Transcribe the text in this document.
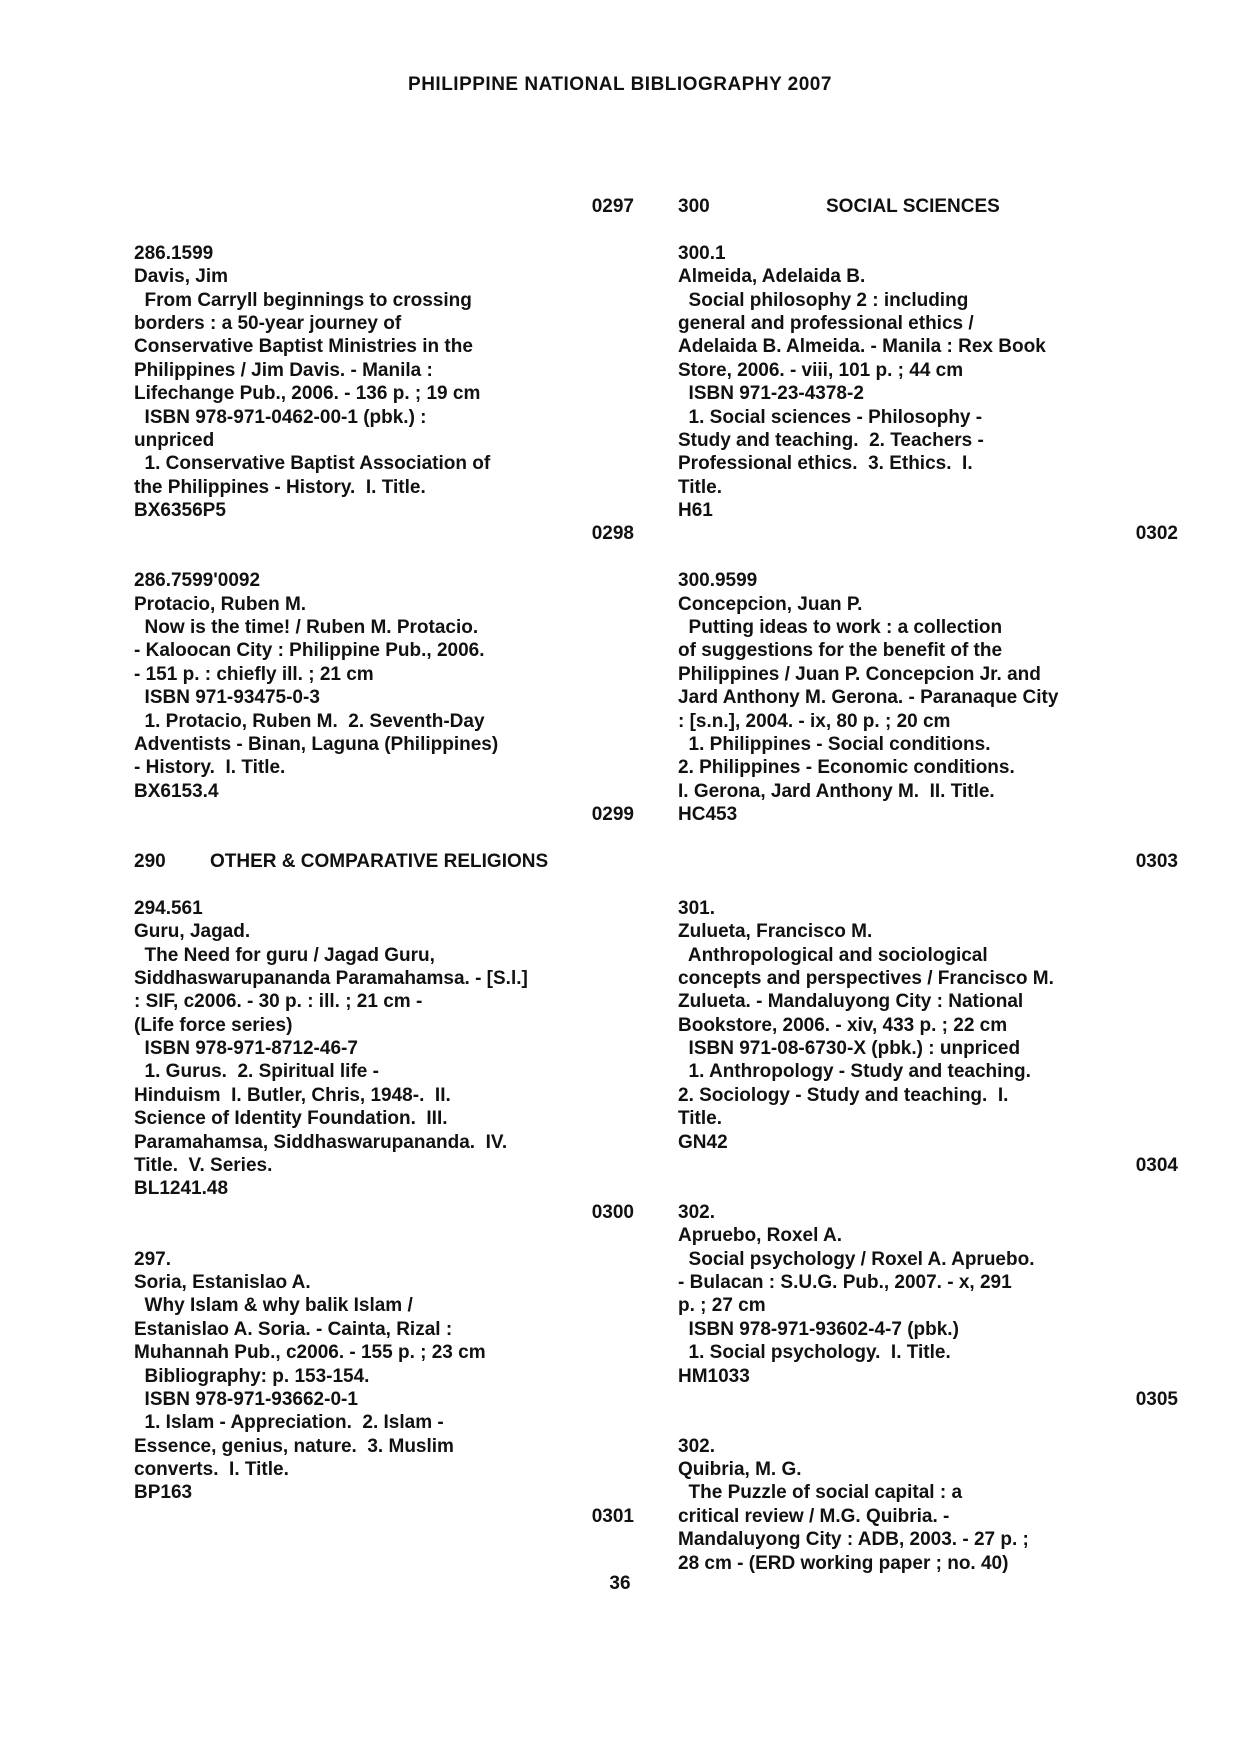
PHILIPPINE NATIONAL BIBLIOGRAPHY 2007
0297
286.1599
Davis, Jim
From Carryll beginnings to crossing
borders : a 50-year journey of
Conservative Baptist Ministries in the
Philippines / Jim Davis. - Manila :
Lifechange Pub., 2006. - 136 p. ; 19 cm
ISBN 978-971-0462-00-1 (pbk.) :
unpriced
1. Conservative Baptist Association of
the Philippines - History.  I. Title.
BX6356P5
0298
286.7599'0092
Protacio, Ruben M.
Now is the time! / Ruben M. Protacio.
- Kaloocan City : Philippine Pub., 2006.
- 151 p. : chiefly ill. ; 21 cm
ISBN 971-93475-0-3
1. Protacio, Ruben M.  2. Seventh-Day
Adventists - Binan, Laguna (Philippines)
- History.  I. Title.
BX6153.4
0299
290 OTHER & COMPARATIVE RELIGIONS
294.561
Guru, Jagad.
The Need for guru / Jagad Guru,
Siddhaswarupananda Paramahamsa. - [S.l.]
: SIF, c2006. - 30 p. : ill. ; 21 cm -
(Life force series)
ISBN 978-971-8712-46-7
1. Gurus.  2. Spiritual life -
Hinduism  I. Butler, Chris, 1948-.  II.
Science of Identity Foundation.  III.
Paramahamsa, Siddhaswarupananda.  IV.
Title.  V. Series.
BL1241.48
0300
297.
Soria, Estanislao A.
Why Islam & why balik Islam /
Estanislao A. Soria. - Cainta, Rizal :
Muhannah Pub., c2006. - 155 p. ; 23 cm
Bibliography: p. 153-154.
ISBN 978-971-93662-0-1
1. Islam - Appreciation.  2. Islam -
Essence, genius, nature.  3. Muslim
converts.  I. Title.
BP163
0301
300	SOCIAL SCIENCES
300.1
Almeida, Adelaida B.
Social philosophy 2 : including
general and professional ethics /
Adelaida B. Almeida. - Manila : Rex Book
Store, 2006. - viii, 101 p. ; 44 cm
ISBN 971-23-4378-2
1. Social sciences - Philosophy -
Study and teaching.  2. Teachers -
Professional ethics.  3. Ethics.  I.
Title.
H61
0302
300.9599
Concepcion, Juan P.
Putting ideas to work : a collection
of suggestions for the benefit of the
Philippines / Juan P. Concepcion Jr. and
Jard Anthony M. Gerona. - Paranaque City
: [s.n.], 2004. - ix, 80 p. ; 20 cm
1. Philippines - Social conditions.
2. Philippines - Economic conditions.
I. Gerona, Jard Anthony M.  II. Title.
HC453
0303
301.
Zulueta, Francisco M.
Anthropological and sociological
concepts and perspectives / Francisco M.
Zulueta. - Mandaluyong City : National
Bookstore, 2006. - xiv, 433 p. ; 22 cm
ISBN 971-08-6730-X (pbk.) : unpriced
1. Anthropology - Study and teaching.
2. Sociology - Study and teaching.  I.
Title.
GN42
0304
302.
Apruebo, Roxel A.
Social psychology / Roxel A. Apruebo.
- Bulacan : S.U.G. Pub., 2007. - x, 291
p. ; 27 cm
ISBN 978-971-93602-4-7 (pbk.)
1. Social psychology.  I. Title.
HM1033
0305
302.
Quibria, M. G.
The Puzzle of social capital : a
critical review / M.G. Quibria. -
Mandaluyong City : ADB, 2003. - 27 p. ;
28 cm - (ERD working paper ; no. 40)
36
